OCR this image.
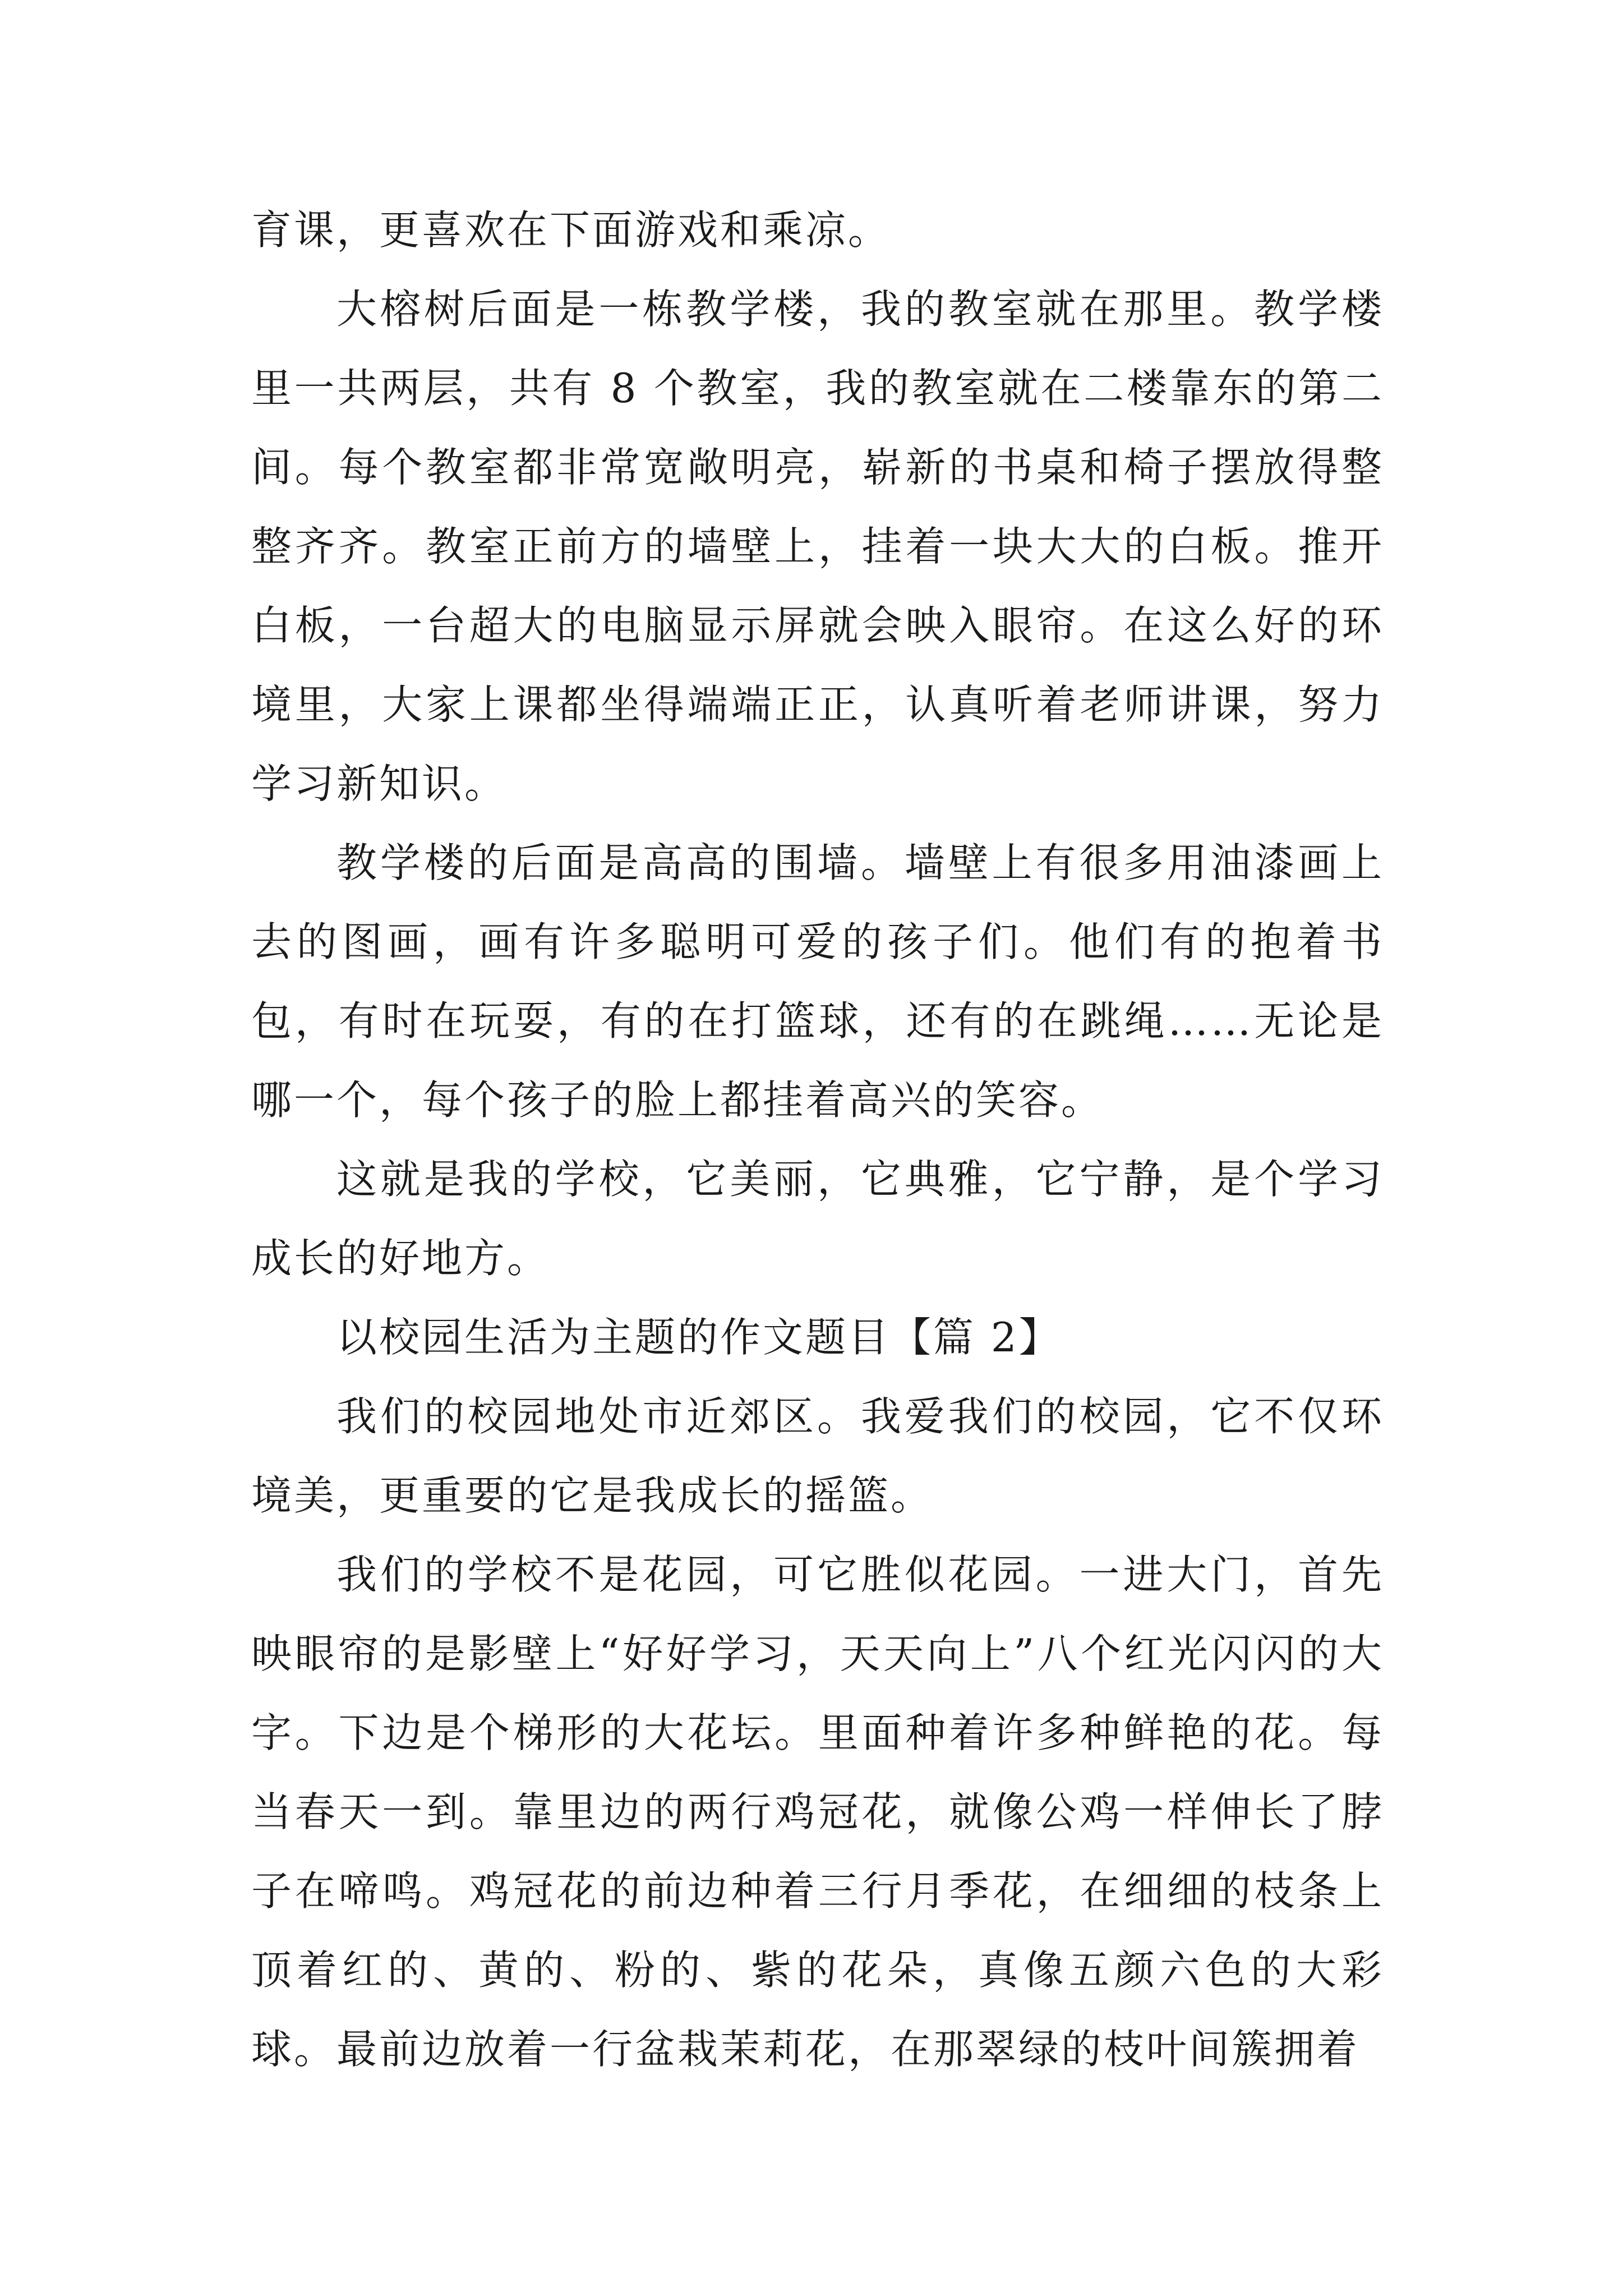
育课，更喜欢在下面游戏和乘凉。

大榕树后面是一栋教学楼，我的教室就在那里。教学楼里一共两层，共有 8 个教室，我的教室就在二楼靠东的第二间。每个教室都非常宽敞明亮，崭新的书桌和椅子摆放得整整齐齐。教室正前方的墙壁上，挂着一块大大的白板。推开白板，一台超大的电脑显示屏就会映入眼帘。在这么好的环境里，大家上课都坐得端端正正，认真听着老师讲课，努力学习新知识。

教学楼的后面是高高的围墙。墙壁上有很多用油漆画上去的图画，画有许多聪明可爱的孩子们。他们有的抱着书包，有时在玩耍，有的在打篮球，还有的在跳绳……无论是哪一个，每个孩子的脸上都挂着高兴的笑容。

这就是我的学校，它美丽，它典雅，它宁静，是个学习成长的好地方。

以校园生活为主题的作文题目【篇 2】

我们的校园地处市近郊区。我爱我们的校园，它不仅环境美，更重要的它是我成长的摇篮。

我们的学校不是花园，可它胜似花园。一进大门，首先映眼帘的是影壁上“好好学习，天天向上”八个红光闪闪的大字。下边是个梯形的大花坛。里面种着许多种鲜艳的花。每当春天一到。靠里边的两行鸡冠花，就像公鸡一样伸长了脖子在啼鸣。鸡冠花的前边种着三行月季花，在细细的枝条上顶着红的、黄的、粉的、紫的花朵，真像五颜六色的大彩球。最前边放着一行盆栽茉莉花，在那翠绿的枝叶间簇拥着
